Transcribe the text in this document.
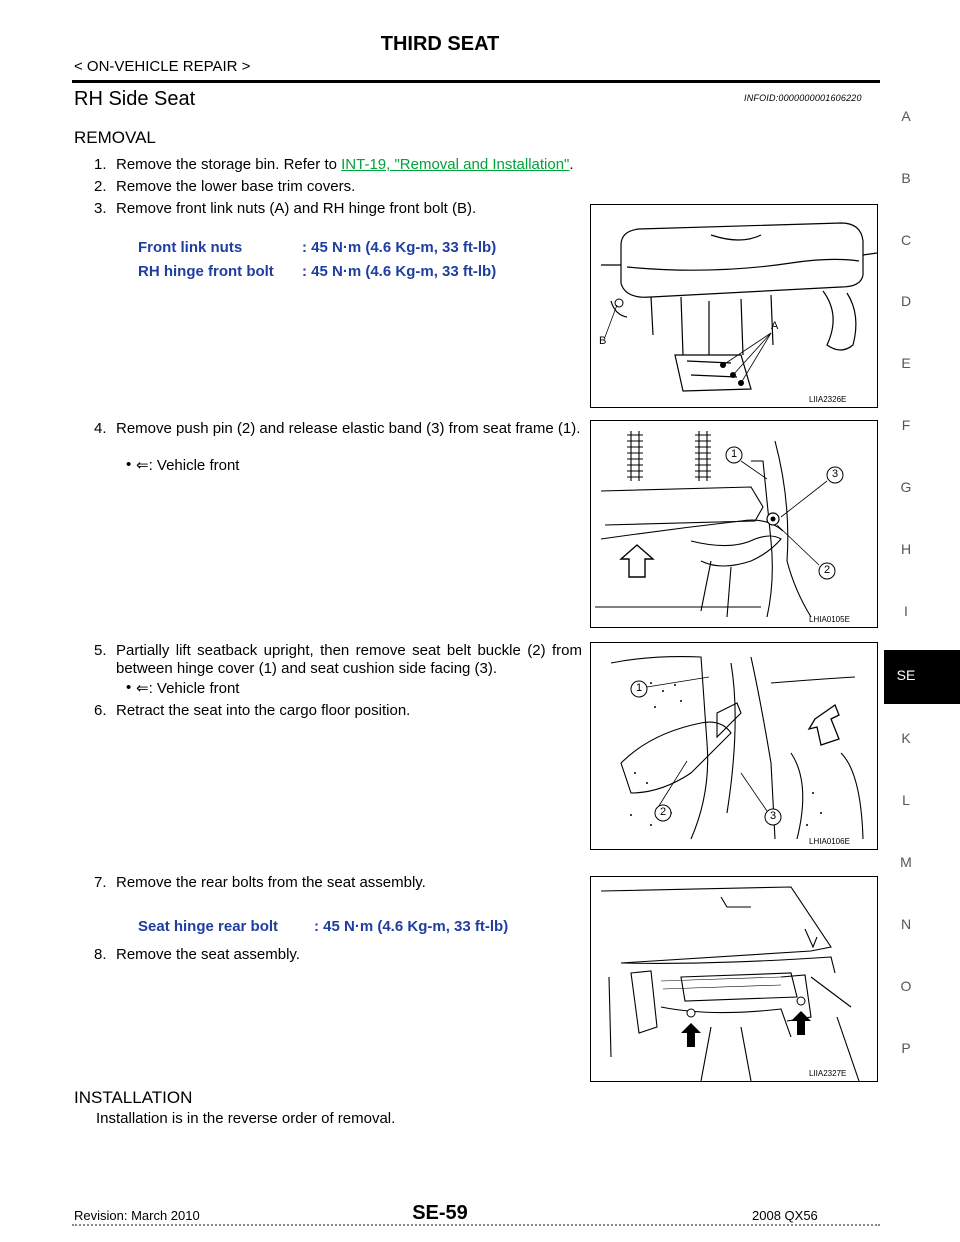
THIRD SEAT
< ON-VEHICLE REPAIR >
RH Side Seat	INFOID:0000000001606220
REMOVAL
1. Remove the storage bin. Refer to INT-19, "Removal and Installation".
2. Remove the lower base trim covers.
3. Remove front link nuts (A) and RH hinge front bolt (B).
Front link nuts	: 45 N·m (4.6 Kg-m, 33 ft-lb)
RH hinge front bolt : 45 N·m (4.6 Kg-m, 33 ft-lb)
A
B
LIIA2326E
4. Remove push pin (2) and release elastic band (3) from seat frame (1).
• ⇐: Vehicle front
1
2
3
LHIA0105E
5. Partially lift seatback upright, then remove seat belt buckle (2) from between hinge cover (1) and seat cushion side facing (3).
• ⇐: Vehicle front
6. Retract the seat into the cargo floor position.
1
2	3
LHIA0106E
7. Remove the rear bolts from the seat assembly.
Seat hinge rear bolt : 45 N·m (4.6 Kg-m, 33 ft-lb)
8. Remove the seat assembly.
LIIA2327E
INSTALLATION
Installation is in the reverse order of removal.
A
B
C
D
E
F
G
H
I
SE
K
L
M
N
O
P
Revision: March 2010	SE-59	2008 QX56
